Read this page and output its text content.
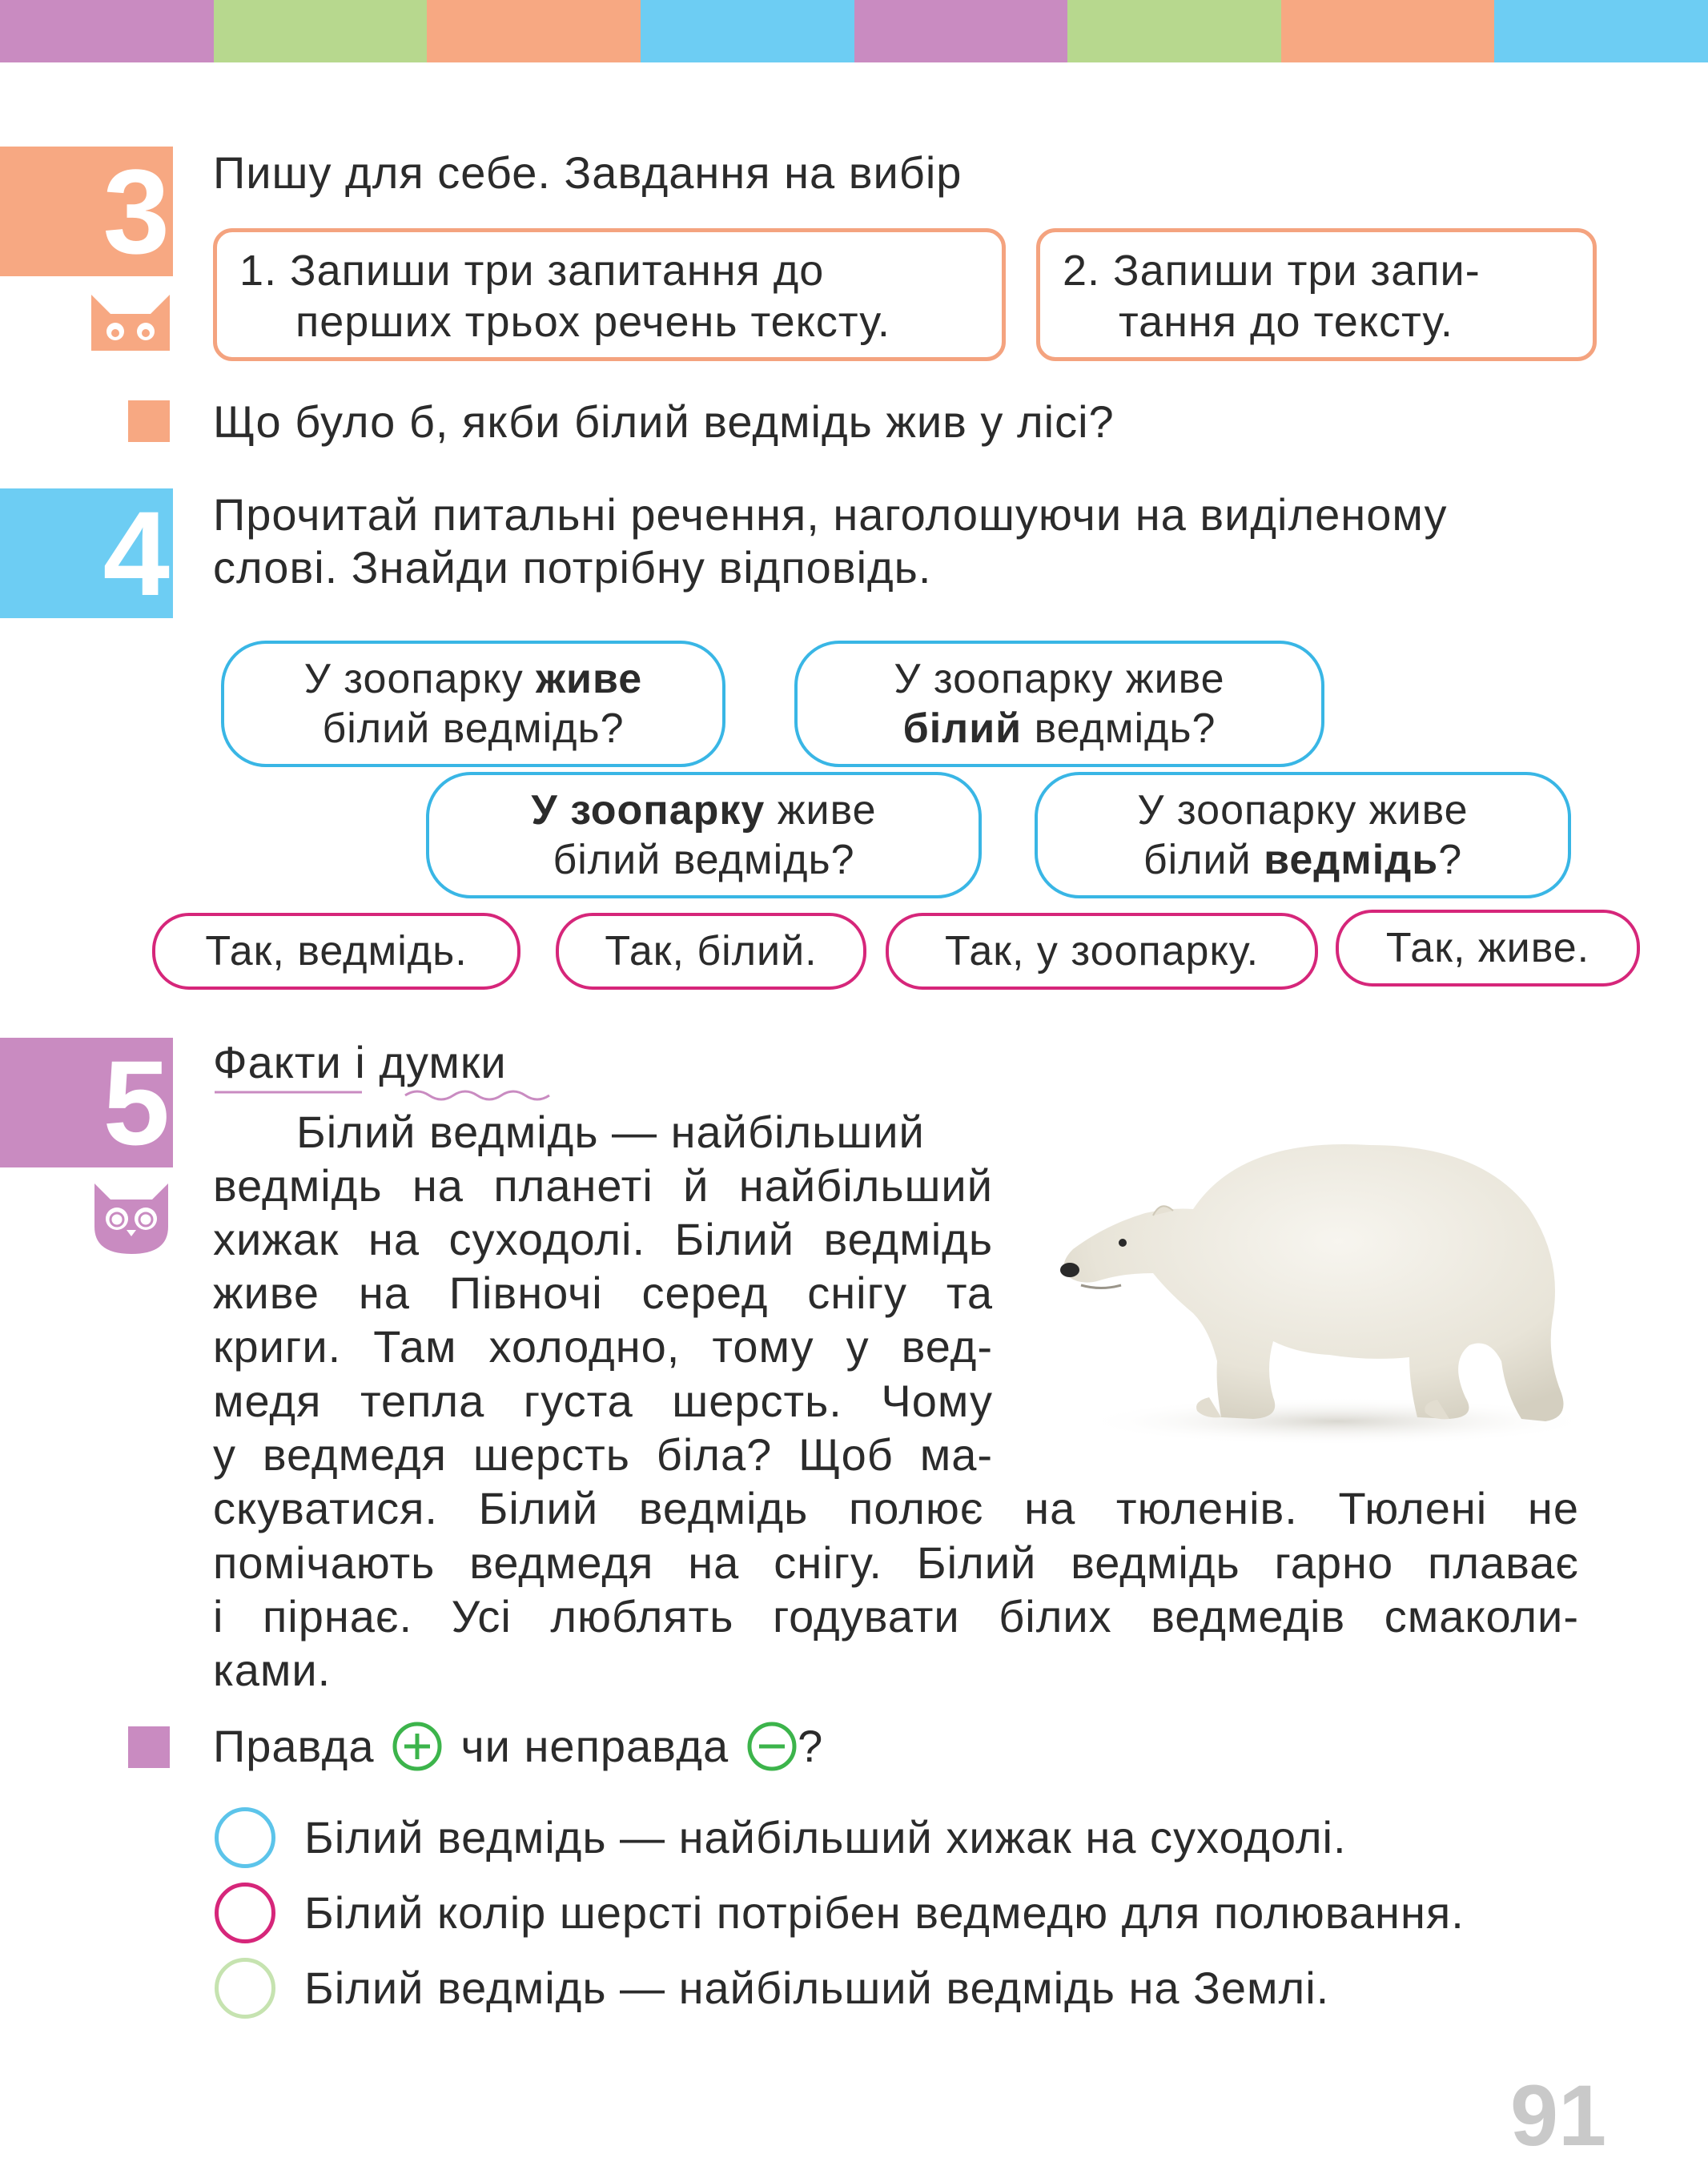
3 Пишу для себе. Завдання на вибір
1. Запиши три запитання до
перших трьох речень тексту.
2. Запиши три запи-
тання до тексту.
Що було б, якби білий ведмідь жив у лісі?
4 Прочитай питальні речення, наголошуючи на виділеному
слові. Знайди потрібну відповідь.
У зоопарку живе
білий ведмідь?
У зоопарку живе
білий ведмідь?
У зоопарку живе
білий ведмідь?
У зоопарку живе
білий ведмідь?
Так, ведмідь.	Так, білий.	Так, у зоопарку.	Так, живе.
5 Факти і думки
Білий ведмідь — найбільший
ведмідь на планеті й найбільший
хижак на суходолі. Білий ведмідь
живе на Півночі серед снігу та
криги. Там холодно, тому у вед-
медя тепла густа шерсть. Чому
у ведмедя шерсть біла? Щоб ма-
скуватися. Білий ведмідь полює на тюленів. Тюлені не
помічають ведмедя на снігу. Білий ведмідь гарно плаває
і пірнає. Усі люблять годувати білих ведмедів смаколи-
ками.
Правда чи неправда ?
Білий ведмідь — найбільший хижак на суходолі.
Білий колір шерсті потрібен ведмедю для полювання.
Білий ведмідь — найбільший ведмідь на Землі.
91
